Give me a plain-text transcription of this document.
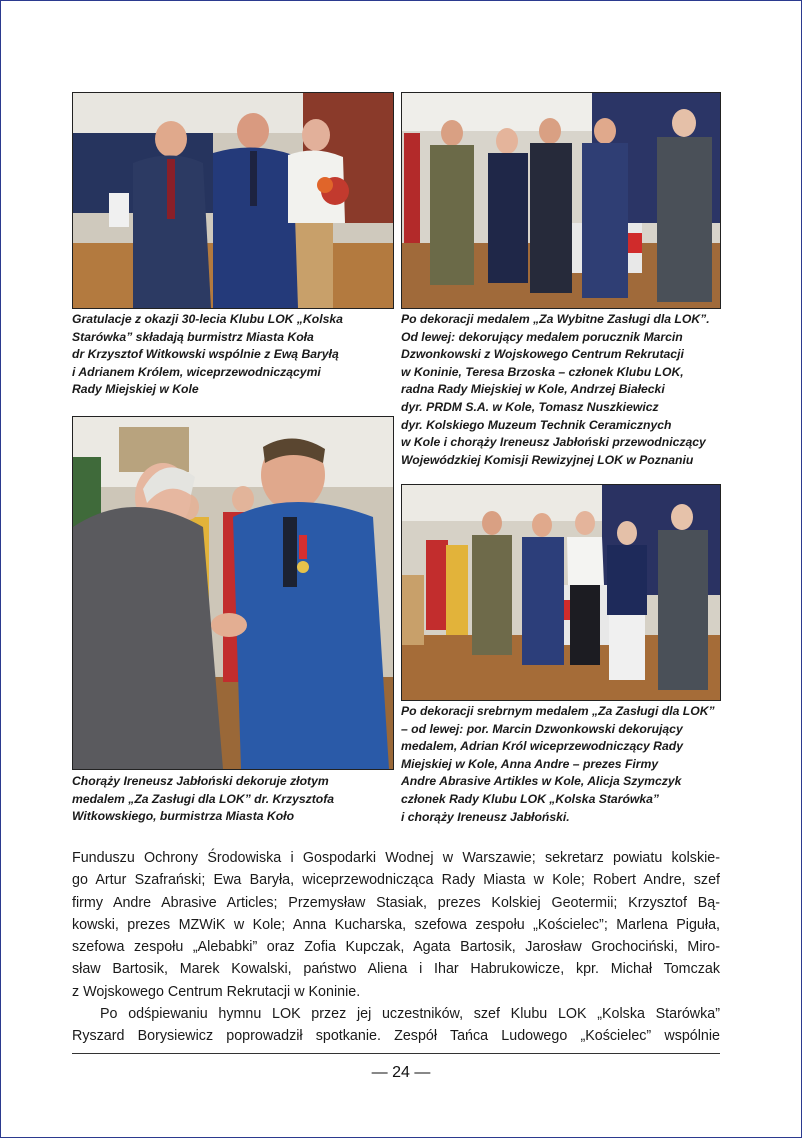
Gratulacje z okazji 30-lecia Klubu LOK „Kolska
Starówka” składają burmistrz Miasta Koła
dr Krzysztof Witkowski wspólnie z Ewą Baryłą
i Adrianem Królem, wiceprzewodniczącymi
Rady Miejskiej w Kole
Po dekoracji medalem „Za Wybitne Zasługi dla LOK”.
Od lewej: dekorujący medalem porucznik Marcin
Dzwonkowski z Wojskowego Centrum Rekrutacji
w Koninie, Teresa Brzoska – członek Klubu LOK,
radna Rady Miejskiej w Kole, Andrzej Białecki
dyr. PRDM S.A. w Kole, Tomasz Nuszkiewicz
dyr. Kolskiego Muzeum Technik Ceramicznych
w Kole i chorąży Ireneusz Jabłoński przewodniczący
Wojewódzkiej Komisji Rewizyjnej LOK w Poznaniu
Chorąży Ireneusz Jabłoński dekoruje złotym
medalem „Za Zasługi dla LOK” dr. Krzysztofa
Witkowskiego, burmistrza Miasta Koło
Po dekoracji srebrnym medalem „Za Zasługi dla LOK”
– od lewej: por. Marcin Dzwonkowski dekorujący
medalem, Adrian Król wiceprzewodniczący Rady
Miejskiej w Kole, Anna Andre – prezes Firmy
Andre Abrasive Artikles w Kole, Alicja Szymczyk
członek Rady Klubu LOK „Kolska Starówka”
i chorąży Ireneusz Jabłoński.
Funduszu Ochrony Środowiska i Gospodarki Wodnej w Warszawie; sekretarz powiatu kolskie-
go Artur Szafrański; Ewa Baryła, wiceprzewodnicząca Rady Miasta w Kole; Robert Andre, szef
firmy Andre Abrasive Articles; Przemysław Stasiak, prezes Kolskiej Geotermii; Krzysztof Bą-
kowski, prezes MZWiK w Kole; Anna Kucharska, szefowa zespołu „Kościelec”; Marlena Piguła,
szefowa zespołu „Alebabki” oraz Zofia Kupczak, Agata Bartosik, Jarosław Grochociński, Miro-
sław Bartosik, Marek Kowalski, państwo Aliena i Ihar Habrukowicze, kpr. Michał Tomczak
z Wojskowego Centrum Rekrutacji w Koninie.
Po odśpiewaniu hymnu LOK przez jej uczestników, szef Klubu LOK „Kolska Starówka”
Ryszard Borysiewicz poprowadził spotkanie. Zespół Tańca Ludowego „Kościelec” wspólnie
— 24 —
